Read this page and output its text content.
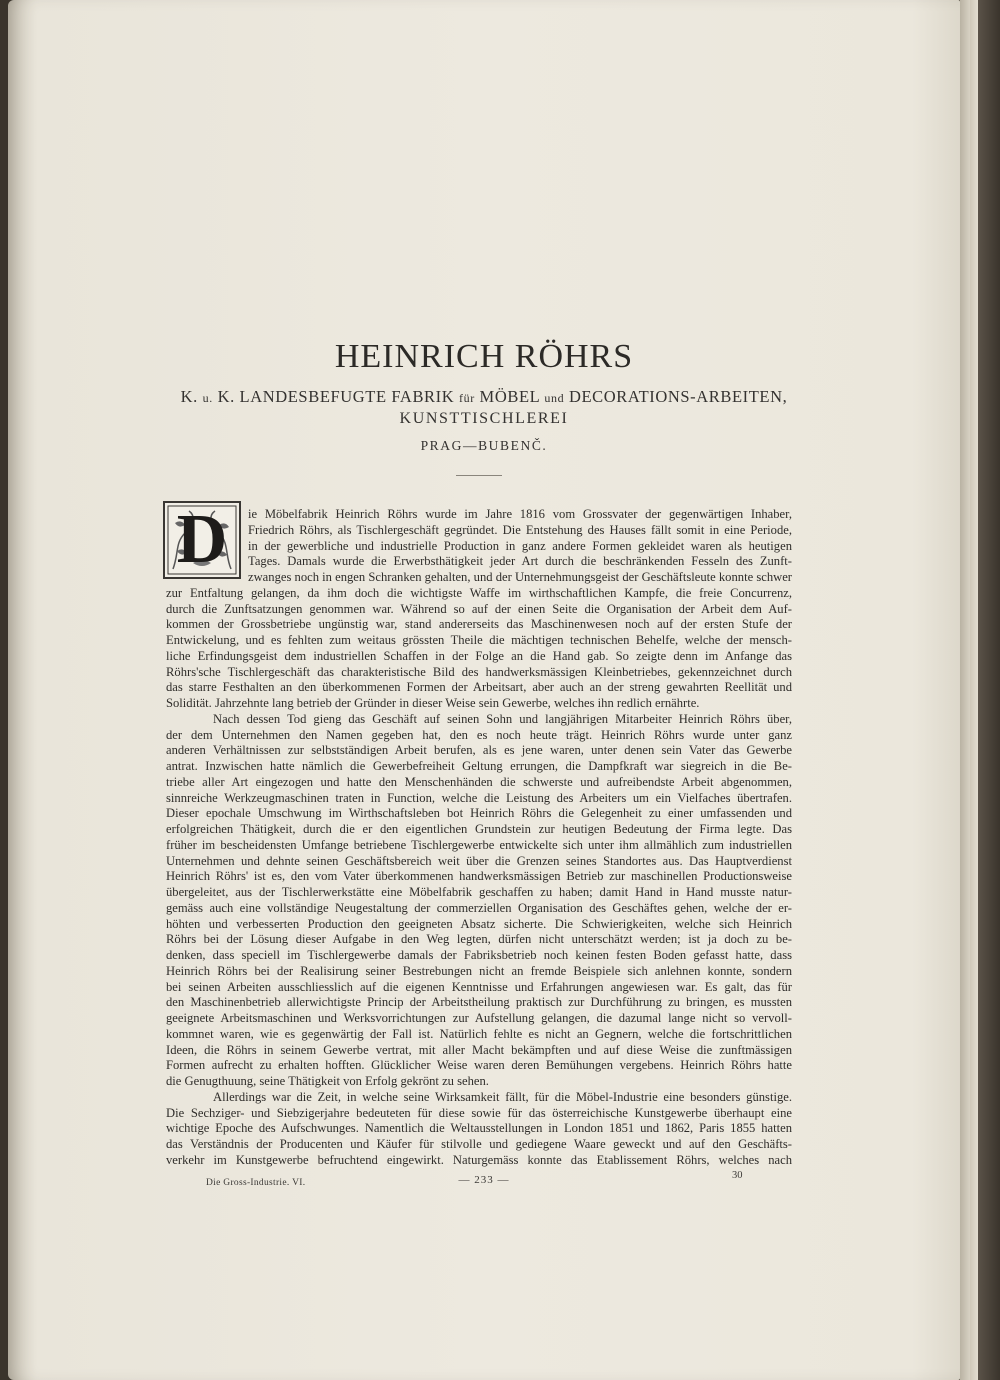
HEINRICH RÖHRS
K. u. K. LANDESBEFUGTE FABRIK für MÖBEL und DECORATIONS-ARBEITEN,
KUNSTTISCHLEREI
PRAG—BUBENČ.
D	ie Möbelfabrik Heinrich Röhrs wurde im Jahre 1816 vom Grossvater der gegenwärtigen Inhaber,
Friedrich Röhrs, als Tischlergeschäft gegründet. Die Entstehung des Hauses fällt somit in eine Periode,
in der gewerbliche und industrielle Production in ganz andere Formen gekleidet waren als heutigen
Tages. Damals wurde die Erwerbsthätigkeit jeder Art durch die beschränkenden Fesseln des Zunft-
zwanges noch in engen Schranken gehalten, und der Unternehmungsgeist der Geschäftsleute konnte schwer
zur Entfaltung gelangen, da ihm doch die wichtigste Waffe im wirthschaftlichen Kampfe, die freie Concurrenz,
durch die Zunftsatzungen genommen war. Während so auf der einen Seite die Organisation der Arbeit dem Auf-
kommen der Grossbetriebe ungünstig war, stand andererseits das Maschinenwesen noch auf der ersten Stufe der
Entwickelung, und es fehlten zum weitaus grössten Theile die mächtigen technischen Behelfe, welche der mensch-
liche Erfindungsgeist dem industriellen Schaffen in der Folge an die Hand gab. So zeigte denn im Anfange das
Röhrs'sche Tischlergeschäft das charakteristische Bild des handwerksmässigen Kleinbetriebes, gekennzeichnet durch
das starre Festhalten an den überkommenen Formen der Arbeitsart, aber auch an der streng gewahrten Reellität und
Solidität. Jahrzehnte lang betrieb der Gründer in dieser Weise sein Gewerbe, welches ihn redlich ernährte.
Nach dessen Tod gieng das Geschäft auf seinen Sohn und langjährigen Mitarbeiter Heinrich Röhrs über,
der dem Unternehmen den Namen gegeben hat, den es noch heute trägt. Heinrich Röhrs wurde unter ganz
anderen Verhältnissen zur selbstständigen Arbeit berufen, als es jene waren, unter denen sein Vater das Gewerbe
antrat. Inzwischen hatte nämlich die Gewerbefreiheit Geltung errungen, die Dampfkraft war siegreich in die Be-
triebe aller Art eingezogen und hatte den Menschenhänden die schwerste und aufreibendste Arbeit abgenommen,
sinnreiche Werkzeugmaschinen traten in Function, welche die Leistung des Arbeiters um ein Vielfaches übertrafen.
Dieser epochale Umschwung im Wirthschaftsleben bot Heinrich Röhrs die Gelegenheit zu einer umfassenden und
erfolgreichen Thätigkeit, durch die er den eigentlichen Grundstein zur heutigen Bedeutung der Firma legte. Das
früher im bescheidensten Umfange betriebene Tischlergewerbe entwickelte sich unter ihm allmählich zum industriellen
Unternehmen und dehnte seinen Geschäftsbereich weit über die Grenzen seines Standortes aus. Das Hauptverdienst
Heinrich Röhrs' ist es, den vom Vater überkommenen handwerksmässigen Betrieb zur maschinellen Productionsweise
übergeleitet, aus der Tischlerwerkstätte eine Möbelfabrik geschaffen zu haben; damit Hand in Hand musste natur-
gemäss auch eine vollständige Neugestaltung der commerziellen Organisation des Geschäftes gehen, welche der er-
höhten und verbesserten Production den geeigneten Absatz sicherte. Die Schwierigkeiten, welche sich Heinrich
Röhrs bei der Lösung dieser Aufgabe in den Weg legten, dürfen nicht unterschätzt werden; ist ja doch zu be-
denken, dass speciell im Tischlergewerbe damals der Fabriksbetrieb noch keinen festen Boden gefasst hatte, dass
Heinrich Röhrs bei der Realisirung seiner Bestrebungen nicht an fremde Beispiele sich anlehnen konnte, sondern
bei seinen Arbeiten ausschliesslich auf die eigenen Kenntnisse und Erfahrungen angewiesen war. Es galt, das für
den Maschinenbetrieb allerwichtigste Princip der Arbeitstheilung praktisch zur Durchführung zu bringen, es mussten
geeignete Arbeitsmaschinen und Werksvorrichtungen zur Aufstellung gelangen, die dazumal lange nicht so vervoll-
kommnet waren, wie es gegenwärtig der Fall ist. Natürlich fehlte es nicht an Gegnern, welche die fortschrittlichen
Ideen, die Röhrs in seinem Gewerbe vertrat, mit aller Macht bekämpften und auf diese Weise die zunftmässigen
Formen aufrecht zu erhalten hofften. Glücklicher Weise waren deren Bemühungen vergebens. Heinrich Röhrs hatte
die Genugthuung, seine Thätigkeit von Erfolg gekrönt zu sehen.
Allerdings war die Zeit, in welche seine Wirksamkeit fällt, für die Möbel-Industrie eine besonders günstige.
Die Sechziger- und Siebzigerjahre bedeuteten für diese sowie für das österreichische Kunstgewerbe überhaupt eine
wichtige Epoche des Aufschwunges. Namentlich die Weltausstellungen in London 1851 und 1862, Paris 1855 hatten
das Verständnis der Producenten und Käufer für stilvolle und gediegene Waare geweckt und auf den Geschäfts-
verkehr im Kunstgewerbe befruchtend eingewirkt. Naturgemäss konnte das Etablissement Röhrs, welches nach
Die Gross-Industrie. VI.	— 233 —	30
